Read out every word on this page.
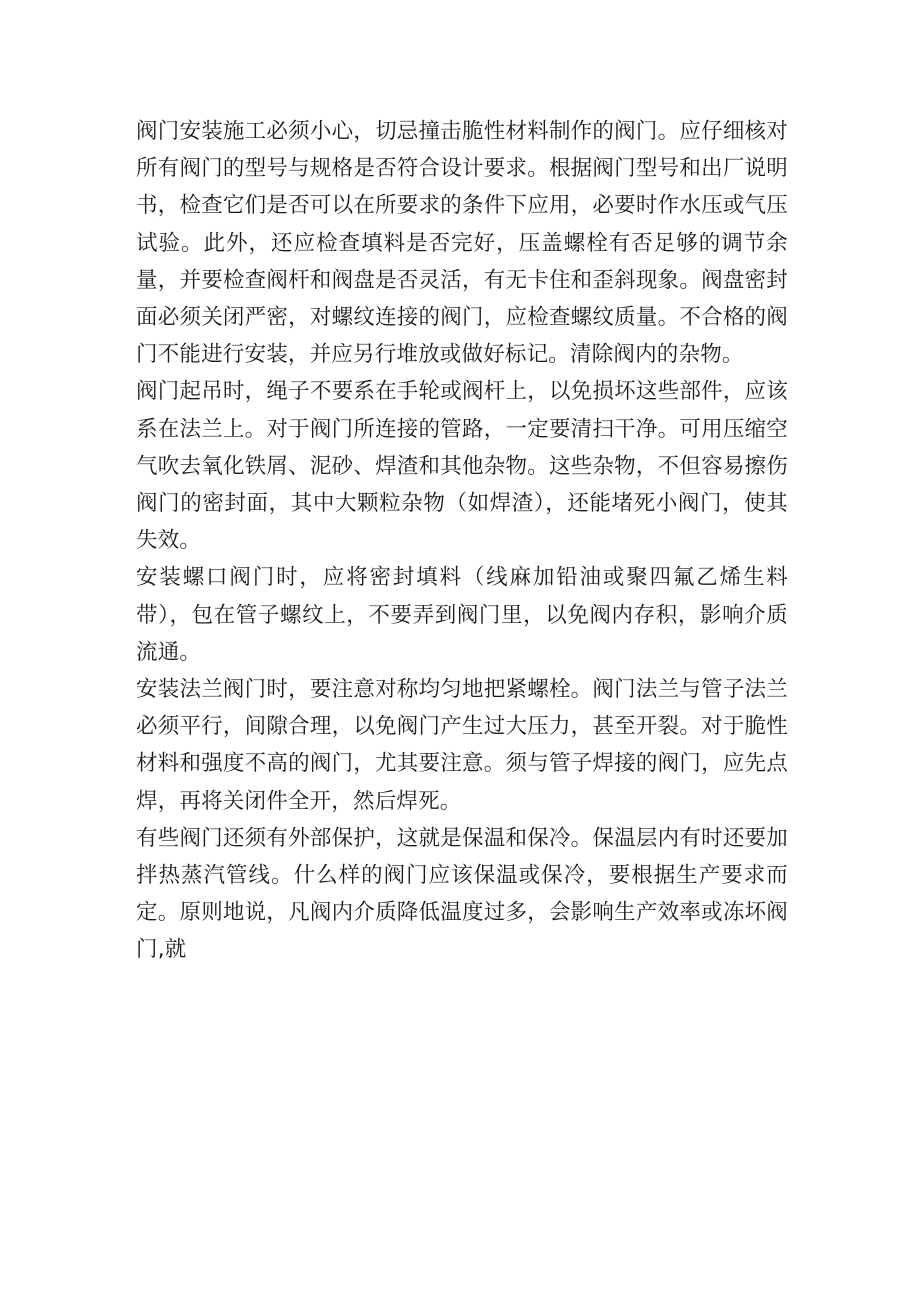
阀门安装施工必须小心，切忌撞击脆性材料制作的阀门。应仔细核对所有阀门的型号与规格是否符合设计要求。根据阀门型号和出厂说明书，检查它们是否可以在所要求的条件下应用，必要时作水压或气压试验。此外，还应检查填料是否完好，压盖螺栓有否足够的调节余量，并要检查阀杆和阀盘是否灵活，有无卡住和歪斜现象。阀盘密封面必须关闭严密，对螺纹连接的阀门，应检查螺纹质量。不合格的阀门不能进行安装，并应另行堆放或做好标记。清除阀内的杂物。

阀门起吊时，绳子不要系在手轮或阀杆上，以免损坏这些部件，应该系在法兰上。对于阀门所连接的管路，一定要清扫干净。可用压缩空气吹去氧化铁屑、泥砂、焊渣和其他杂物。这些杂物，不但容易擦伤阀门的密封面，其中大颗粒杂物（如焊渣），还能堵死小阀门，使其失效。

安装螺口阀门时，应将密封填料（线麻加铅油或聚四氟乙烯生料带），包在管子螺纹上，不要弄到阀门里，以免阀内存积，影响介质流通。

安装法兰阀门时，要注意对称均匀地把紧螺栓。阀门法兰与管子法兰必须平行，间隙合理，以免阀门产生过大压力，甚至开裂。对于脆性材料和强度不高的阀门，尤其要注意。须与管子焊接的阀门，应先点焊，再将关闭件全开，然后焊死。

有些阀门还须有外部保护，这就是保温和保冷。保温层内有时还要加拌热蒸汽管线。什么样的阀门应该保温或保冷，要根据生产要求而定。原则地说，凡阀内介质降低温度过多，会影响生产效率或冻坏阀门,就
